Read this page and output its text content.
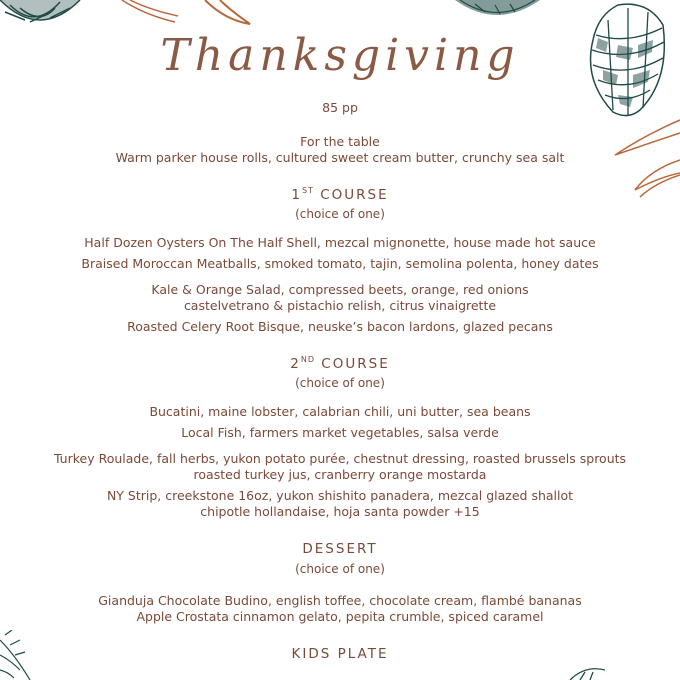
Thanksgiving
85 pp
For the table
Warm parker house rolls, cultured sweet cream butter, crunchy sea salt
1ST COURSE
(choice of one)
Half Dozen Oysters On The Half Shell, mezcal mignonette, house made hot sauce
Braised Moroccan Meatballs, smoked tomato, tajin, semolina polenta, honey dates
Kale & Orange Salad, compressed beets, orange, red onions
castelvetrano & pistachio relish, citrus vinaigrette
Roasted Celery Root Bisque, neuske’s bacon lardons, glazed pecans
2ND COURSE
(choice of one)
Bucatini, maine lobster, calabrian chili, uni butter, sea beans
Local Fish, farmers market vegetables, salsa verde
Turkey Roulade, fall herbs, yukon potato purée, chestnut dressing, roasted brussels sprouts
roasted turkey jus, cranberry orange mostarda
NY Strip, creekstone 16oz, yukon shishito panadera, mezcal glazed shallot
chipotle hollandaise, hoja santa powder +15
DESSERT
(choice of one)
Gianduja Chocolate Budino, english toffee, chocolate cream, flambé bananas
Apple Crostata cinnamon gelato, pepita crumble, spiced caramel
KIDS PLATE
